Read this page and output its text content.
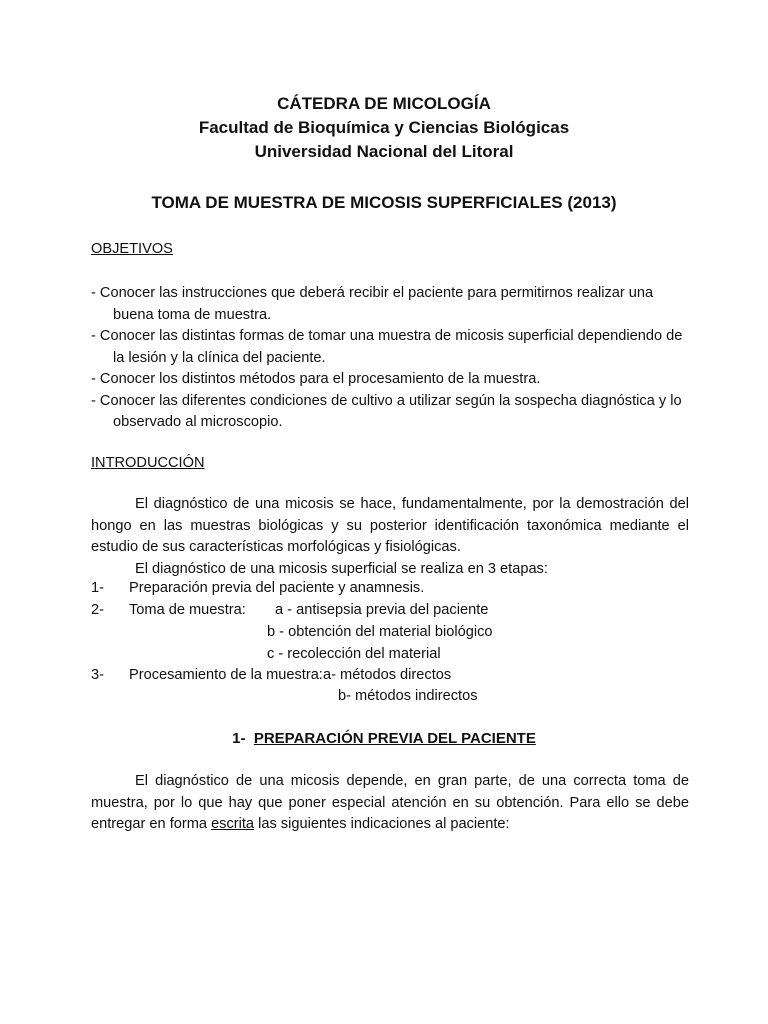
CÁTEDRA DE MICOLOGÍA
Facultad de Bioquímica y Ciencias Biológicas
Universidad Nacional del Litoral
TOMA DE MUESTRA DE MICOSIS SUPERFICIALES (2013)
OBJETIVOS
- Conocer las instrucciones que deberá recibir el paciente para permitirnos realizar una buena toma de muestra.
- Conocer las distintas formas de tomar una muestra de micosis superficial dependiendo de la lesión y la clínica del paciente.
- Conocer los distintos métodos para el procesamiento de la muestra.
- Conocer las diferentes condiciones de cultivo a utilizar según la sospecha diagnóstica y lo observado al microscopio.
INTRODUCCIÓN

El diagnóstico de una micosis se hace, fundamentalmente, por la demostración del hongo en las muestras biológicas y su posterior identificación taxonómica mediante el estudio de sus características morfológicas y fisiológicas.

El diagnóstico de una micosis superficial se realiza en 3 etapas:

1- Preparación previa del paciente y anamnesis.
2- Toma de muestra: a - antisepsia previa del paciente
b - obtención del material biológico
c - recolección del material
3- Procesamiento de la muestra: a- métodos directos
b- métodos indirectos
1- PREPARACIÓN PREVIA DEL PACIENTE

El diagnóstico de una micosis depende, en gran parte, de una correcta toma de muestra, por lo que hay que poner especial atención en su obtención. Para ello se debe entregar en forma escrita las siguientes indicaciones al paciente:
